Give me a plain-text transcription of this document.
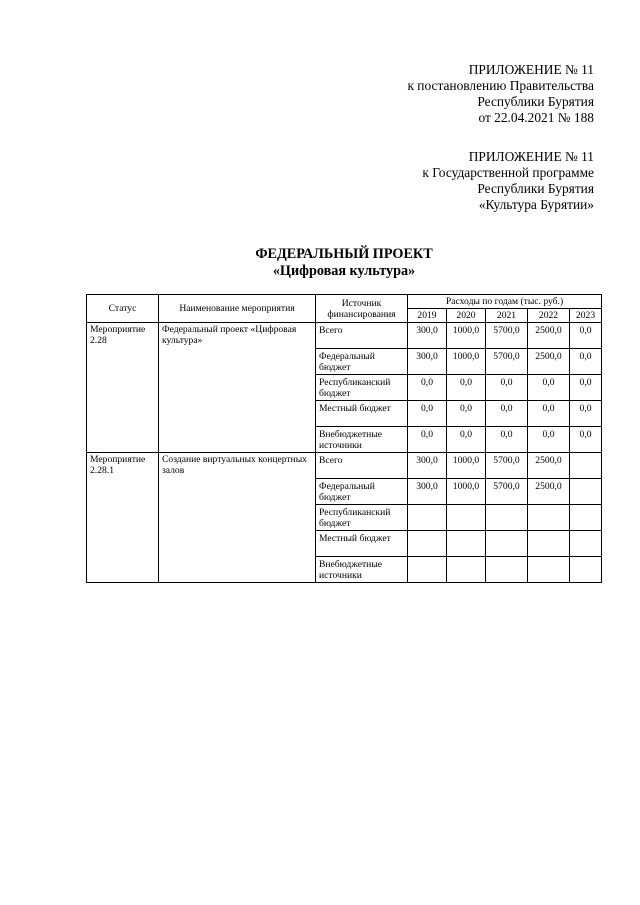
ПРИЛОЖЕНИЕ № 11
к постановлению Правительства
Республики Бурятия
от 22.04.2021 № 188
ПРИЛОЖЕНИЕ № 11
к Государственной программе
Республики Бурятия
«Культура Бурятии»
ФЕДЕРАЛЬНЫЙ ПРОЕКТ
«Цифровая культура»
Статус	Наименование мероприятия	Источник финансирования	Расходы по годам (тыс. руб.)				
			2019	2020	2021	2022	2023
Мероприятие 2.28	Федеральный проект «Цифровая культура»	Всего	300,0	1000,0	5700,0	2500,0	0,0
		Федеральный бюджет	300,0	1000,0	5700,0	2500,0	0,0
		Республиканский бюджет	0,0	0,0	0,0	0,0	0,0
		Местный бюджет	0,0	0,0	0,0	0,0	0,0
		Внебюджетные источники	0,0	0,0	0,0	0,0	0,0
Мероприятие 2.28.1	Создание виртуальных концертных залов	Всего	300,0	1000,0	5700,0	2500,0	
		Федеральный бюджет	300,0	1000,0	5700,0	2500,0	
		Республиканский бюджет					
		Местный бюджет					
		Внебюджетные источники					
